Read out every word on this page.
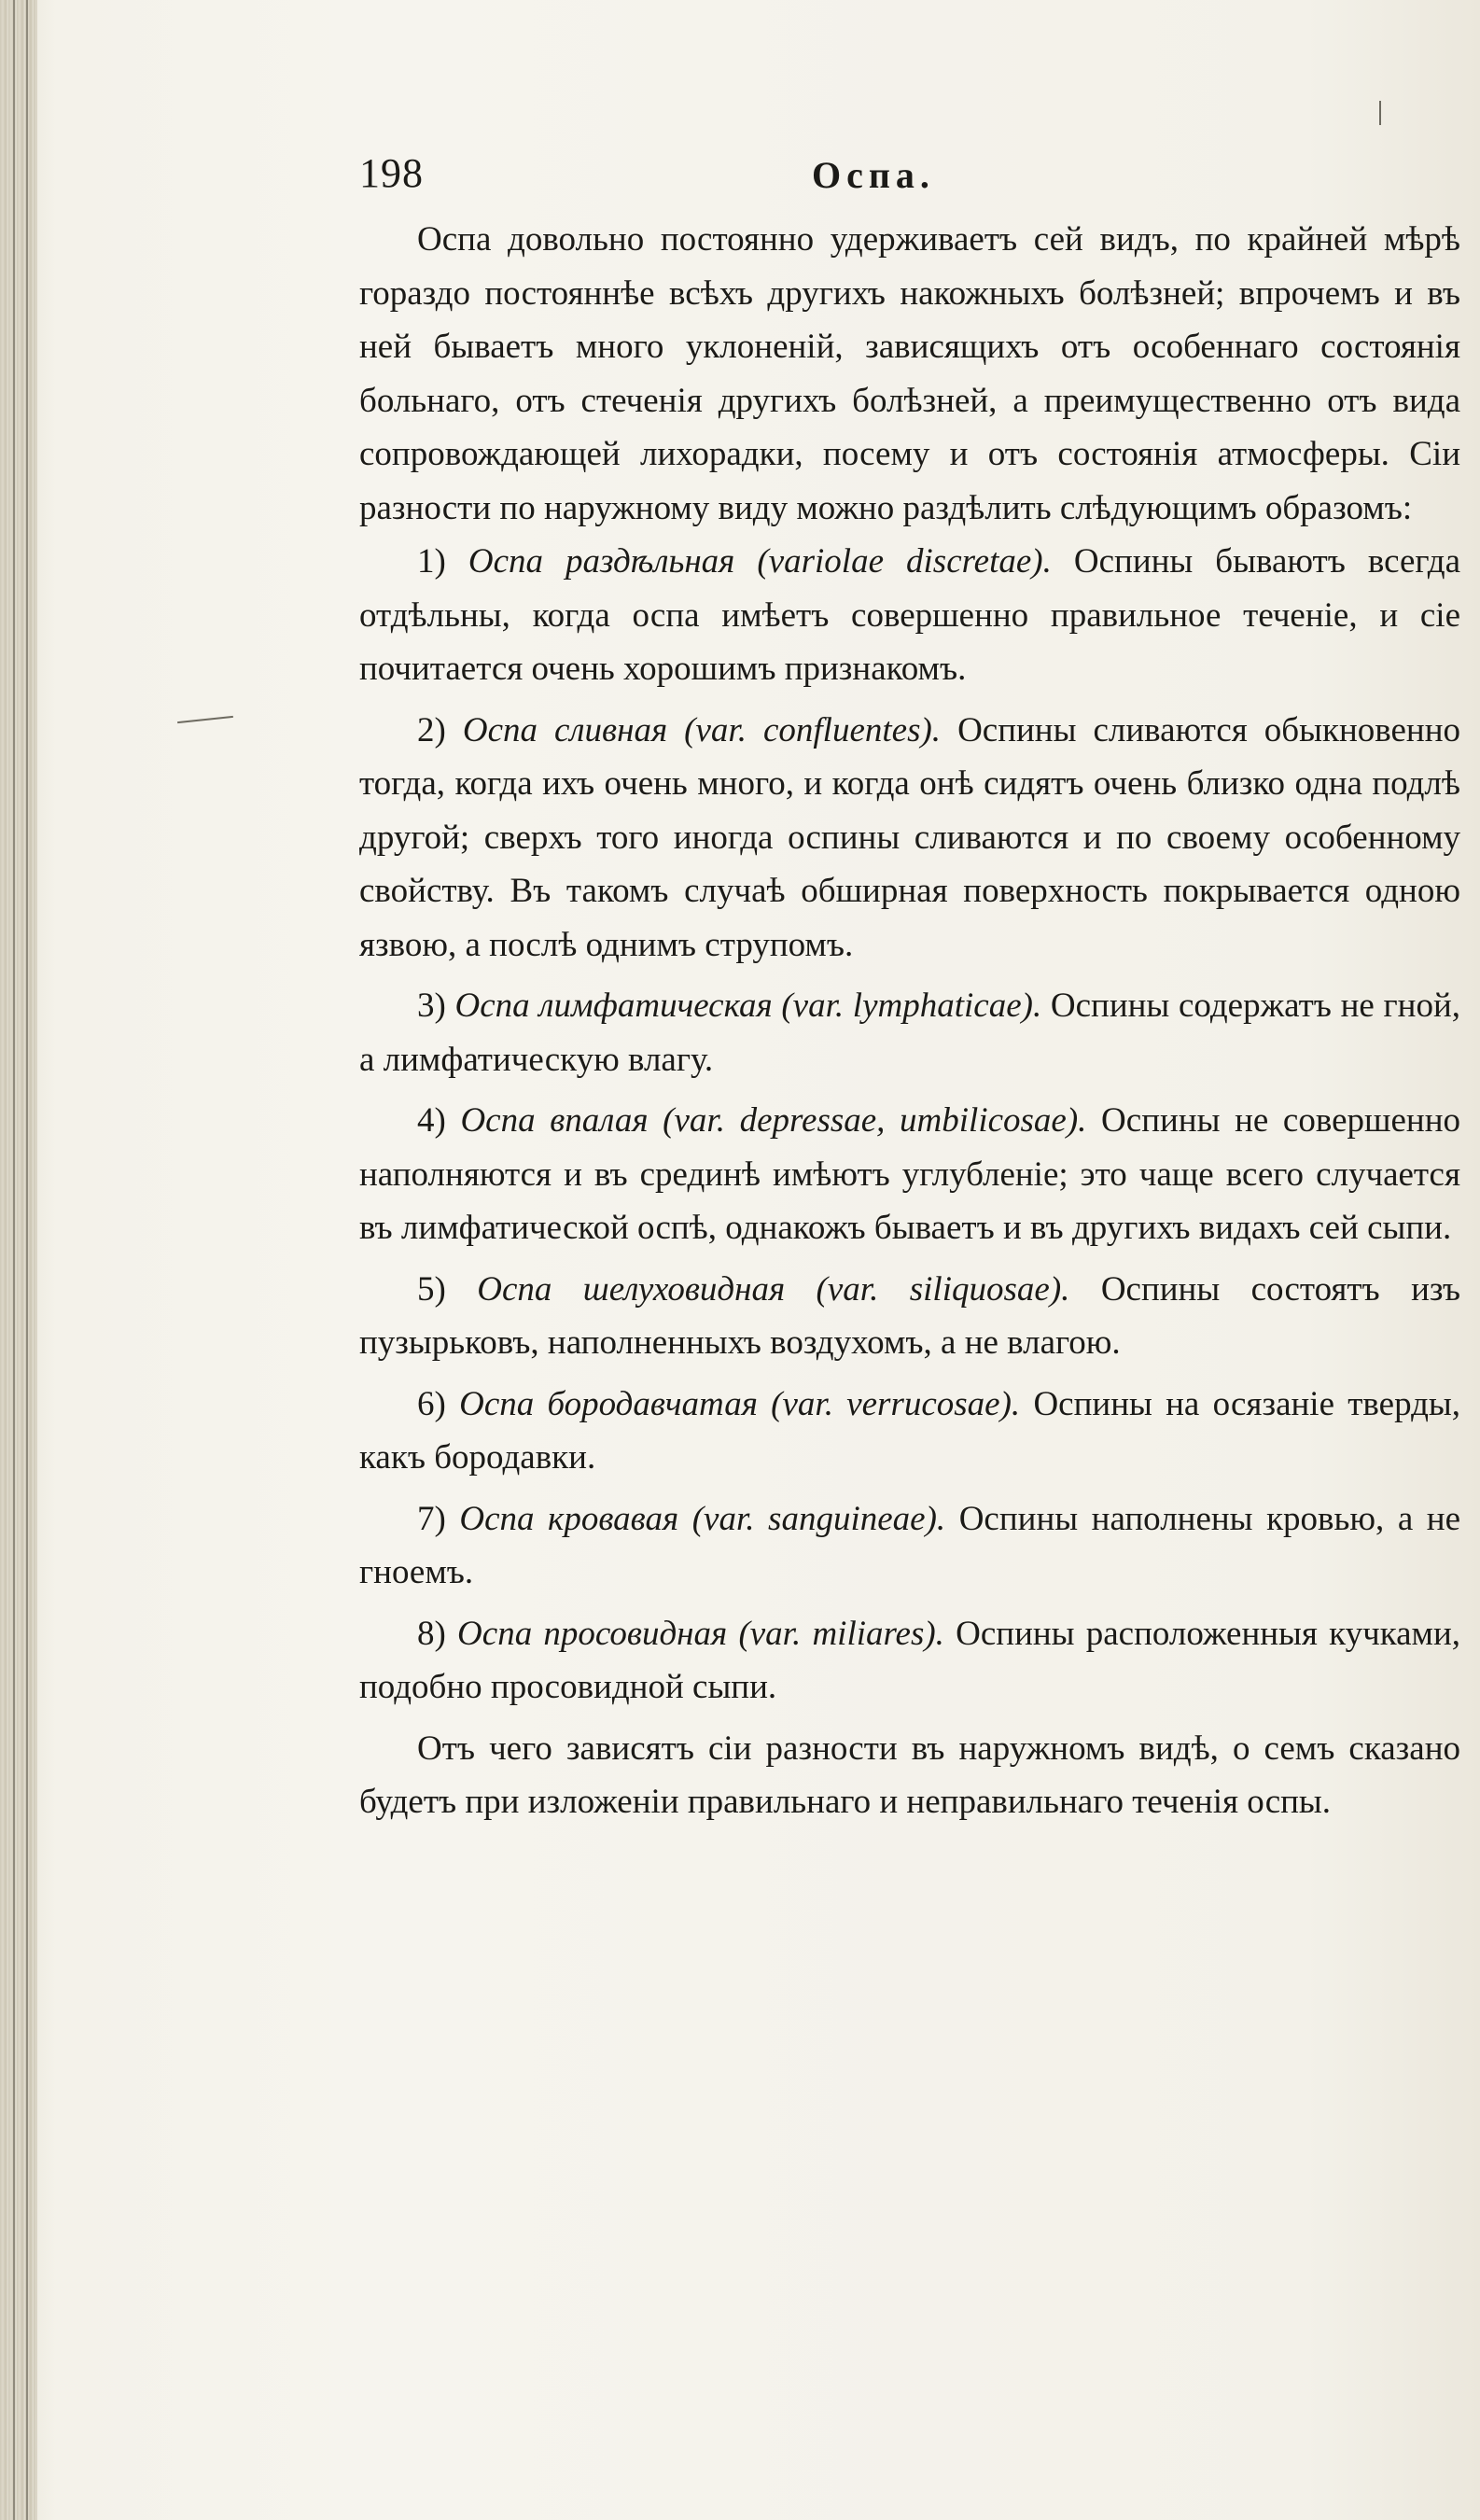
198	Оспа.

Оспа довольно постоянно удерживаетъ сей видъ, по крайней мѣрѣ гораздо постояннѣе всѣхъ другихъ накожныхъ болѣзней; впрочемъ и въ ней бываетъ много уклоненій, зависящихъ отъ особеннаго состоянія больнаго, отъ стеченія другихъ болѣзней, а преимущественно отъ вида сопровождающей лихорадки, посему и отъ состоянія атмосферы. Сіи разности по наружному виду можно раздѣлить слѣдующимъ образомъ:

1) Оспа раздѣльная (variolae discretae). Оспины бываютъ всегда отдѣльны, когда оспа имѣетъ совершенно правильное теченіе, и сіе почитается очень хорошимъ признакомъ.

2) Оспа сливная (var. confluentes). Оспины сливаются обыкновенно тогда, когда ихъ очень много, и когда онѣ сидятъ очень близко одна подлѣ другой; сверхъ того иногда оспины сливаются и по своему особенному свойству. Въ такомъ случаѣ обширная поверхность покрывается одною язвою, а послѣ однимъ струпомъ.

3) Оспа лимфатическая (var. lymphaticae). Оспины содержатъ не гной, а лимфатическую влагу.

4) Оспа впалая (var. depressae, umbilicosae). Оспины не совершенно наполняются и въ срединѣ имѣютъ углубленіе; это чаще всего случается въ лимфатической оспѣ, однакожъ бываетъ и въ другихъ видахъ сей сыпи.

5) Оспа шелуховидная (var. siliquosae). Оспины состоятъ изъ пузырьковъ, наполненныхъ воздухомъ, а не влагою.

6) Оспа бородавчатая (var. verrucosae). Оспины на осязаніе тверды, какъ бородавки.

7) Оспа кровавая (var. sanguineae). Оспины наполнены кровью, а не гноемъ.

8) Оспа просовидная (var. miliares). Оспины расположенныя кучками, подобно просовидной сыпи.

Отъ чего зависятъ сіи разности въ наружномъ видѣ, о семъ сказано будетъ при изложеніи правильнаго и неправильнаго теченія оспы.
